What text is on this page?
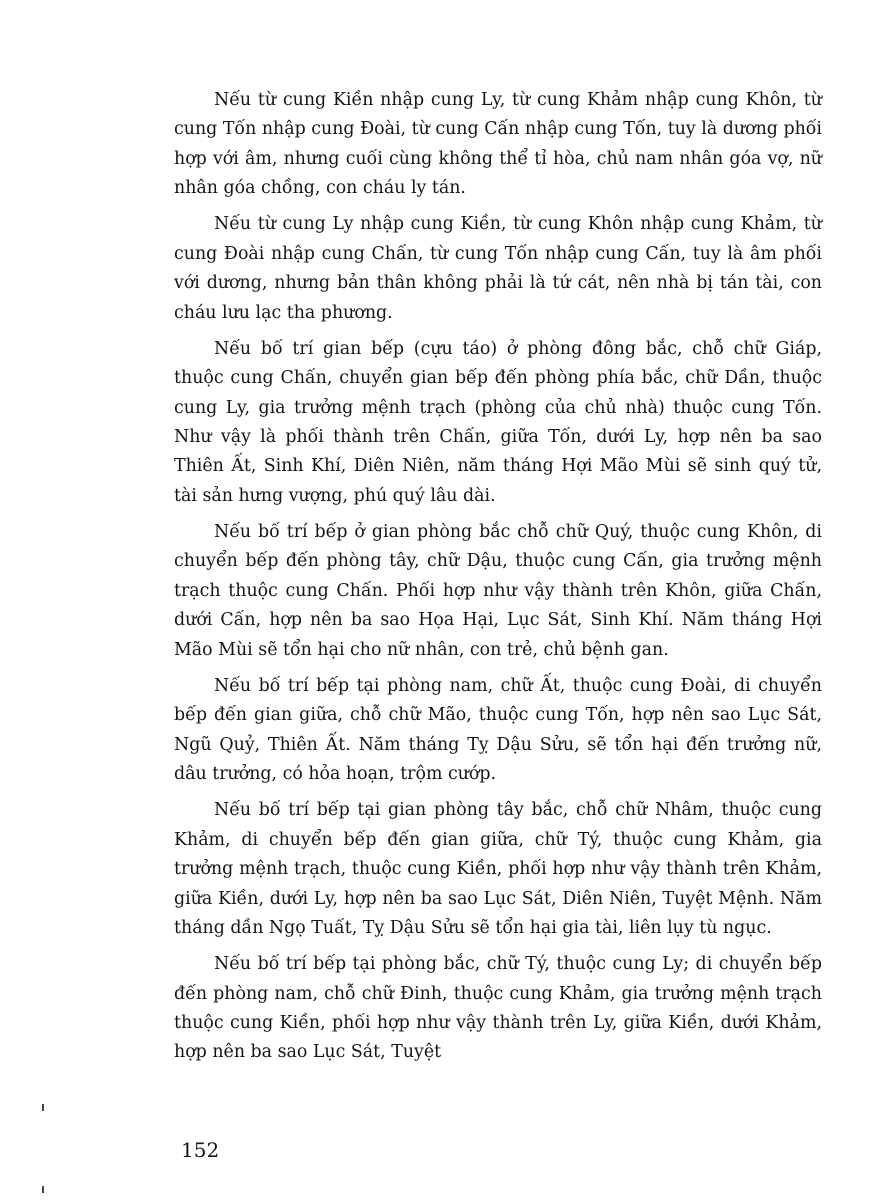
Nếu từ cung Kiền nhập cung Ly, từ cung Khảm nhập cung Khôn, từ cung Tốn nhập cung Đoài, từ cung Cấn nhập cung Tốn, tuy là dương phối hợp với âm, nhưng cuối cùng không thể tỉ hòa, chủ nam nhân góa vợ, nữ nhân góa chồng, con cháu ly tán.

Nếu từ cung Ly nhập cung Kiền, từ cung Khôn nhập cung Khảm, từ cung Đoài nhập cung Chấn, từ cung Tốn nhập cung Cấn, tuy là âm phối với dương, nhưng bản thân không phải là tứ cát, nên nhà bị tán tài, con cháu lưu lạc tha phương.

Nếu bố trí gian bếp (cựu táo) ở phòng đông bắc, chỗ chữ Giáp, thuộc cung Chấn, chuyển gian bếp đến phòng phía bắc, chữ Dần, thuộc cung Ly, gia trưởng mệnh trạch (phòng của chủ nhà) thuộc cung Tốn. Như vậy là phối thành trên Chấn, giữa Tốn, dưới Ly, hợp nên ba sao Thiên Ất, Sinh Khí, Diên Niên, năm tháng Hợi Mão Mùi sẽ sinh quý tử, tài sản hưng vượng, phú quý lâu dài.

Nếu bố trí bếp ở gian phòng bắc chỗ chữ Quý, thuộc cung Khôn, di chuyển bếp đến phòng tây, chữ Dậu, thuộc cung Cấn, gia trưởng mệnh trạch thuộc cung Chấn. Phối hợp như vậy thành trên Khôn, giữa Chấn, dưới Cấn, hợp nên ba sao Họa Hại, Lục Sát, Sinh Khí. Năm tháng Hợi Mão Mùi sẽ tổn hại cho nữ nhân, con trẻ, chủ bệnh gan.

Nếu bố trí bếp tại phòng nam, chữ Ất, thuộc cung Đoài, di chuyển bếp đến gian giữa, chỗ chữ Mão, thuộc cung Tốn, hợp nên sao Lục Sát, Ngũ Quỷ, Thiên Ất. Năm tháng Tỵ Dậu Sửu, sẽ tổn hại đến trưởng nữ, dâu trưởng, có hỏa hoạn, trộm cướp.

Nếu bố trí bếp tại gian phòng tây bắc, chỗ chữ Nhâm, thuộc cung Khảm, di chuyển bếp đến gian giữa, chữ Tý, thuộc cung Khảm, gia trưởng mệnh trạch, thuộc cung Kiền, phối hợp như vậy thành trên Khảm, giữa Kiền, dưới Ly, hợp nên ba sao Lục Sát, Diên Niên, Tuyệt Mệnh. Năm tháng dần Ngọ Tuất, Tỵ Dậu Sửu sẽ tổn hại gia tài, liên lụy tù ngục.

Nếu bố trí bếp tại phòng bắc, chữ Tý, thuộc cung Ly; di chuyển bếp đến phòng nam, chỗ chữ Đinh, thuộc cung Khảm, gia trưởng mệnh trạch thuộc cung Kiền, phối hợp như vậy thành trên Ly, giữa Kiền, dưới Khảm, hợp nên ba sao Lục Sát, Tuyệt

152
